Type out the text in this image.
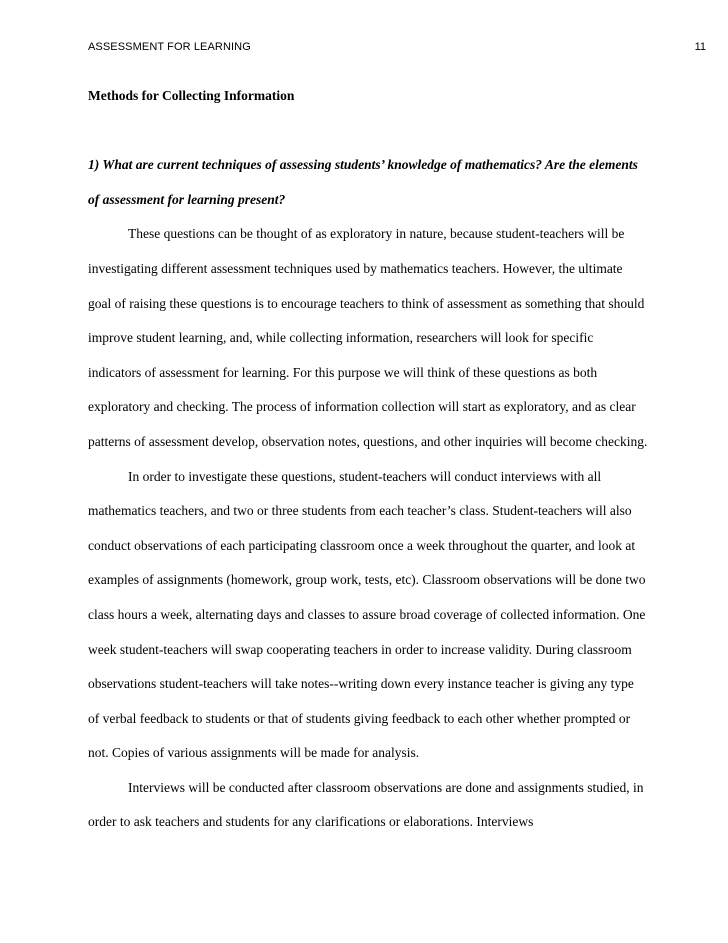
ASSESSMENT FOR LEARNING	11

Methods for Collecting Information

1) What are current techniques of assessing students’ knowledge of mathematics? Are the elements of assessment for learning present?

These questions can be thought of as exploratory in nature, because student-teachers will be investigating different assessment techniques used by mathematics teachers. However, the ultimate goal of raising these questions is to encourage teachers to think of assessment as something that should improve student learning, and, while collecting information, researchers will look for specific indicators of assessment for learning. For this purpose we will think of these questions as both exploratory and checking. The process of information collection will start as exploratory, and as clear patterns of assessment develop, observation notes, questions, and other inquiries will become checking.

In order to investigate these questions, student-teachers will conduct interviews with all mathematics teachers, and two or three students from each teacher’s class. Student-teachers will also conduct observations of each participating classroom once a week throughout the quarter, and look at examples of assignments (homework, group work, tests, etc). Classroom observations will be done two class hours a week, alternating days and classes to assure broad coverage of collected information. One week student-teachers will swap cooperating teachers in order to increase validity. During classroom observations student-teachers will take notes--writing down every instance teacher is giving any type of verbal feedback to students or that of students giving feedback to each other whether prompted or not. Copies of various assignments will be made for analysis.

Interviews will be conducted after classroom observations are done and assignments studied, in order to ask teachers and students for any clarifications or elaborations. Interviews
